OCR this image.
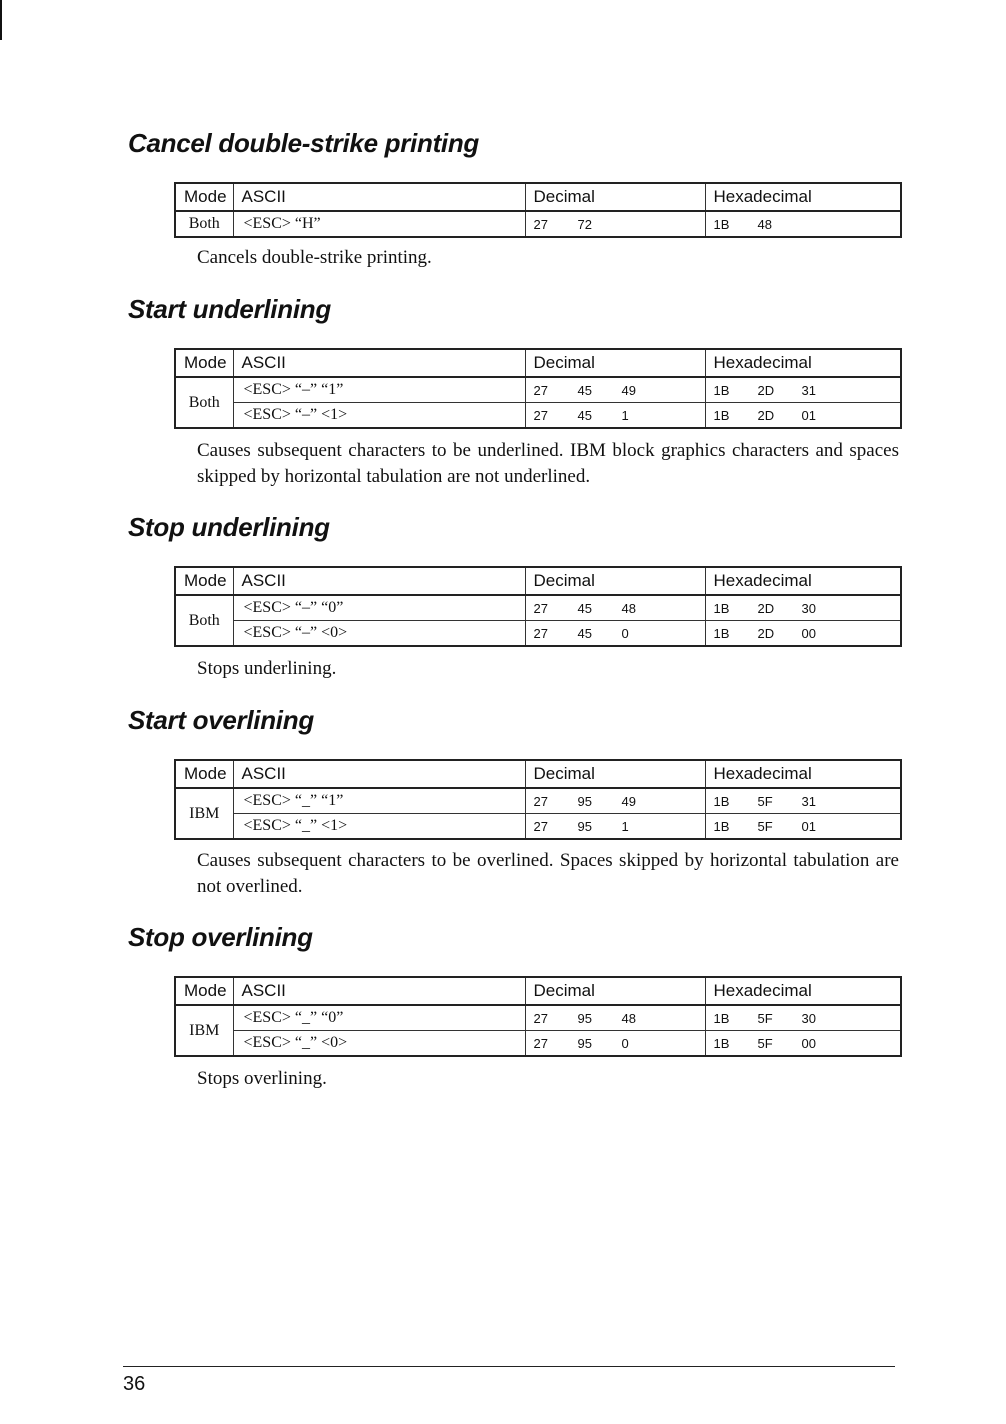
Cancel double-strike printing
Mode	ASCII	Decimal	Hexadecimal
Both	<ESC> “H”	27 72	1B 48

Cancels double-strike printing.

Start underlining
Mode	ASCII	Decimal	Hexadecimal
Both	<ESC> “–” “1”	27 45 49	1B 2D 31
	<ESC> “–” <1>	27 45 1	1B 2D 01

Causes subsequent characters to be underlined. IBM block graphics characters and spaces skipped by horizontal tabulation are not underlined.

Stop underlining
Mode	ASCII	Decimal	Hexadecimal
Both	<ESC> “–” “0”	27 45 48	1B 2D 30
	<ESC> “–” <0>	27 45 0	1B 2D 00

Stops underlining.

Start overlining
Mode	ASCII	Decimal	Hexadecimal
IBM	<ESC> “_” “1”	27 95 49	1B 5F 31
	<ESC> “_” <1>	27 95 1	1B 5F 01

Causes subsequent characters to be overlined. Spaces skipped by horizontal tabulation are not overlined.

Stop overlining
Mode	ASCII	Decimal	Hexadecimal
IBM	<ESC> “_” “0”	27 95 48	1B 5F 30
	<ESC> “_” <0>	27 95 0	1B 5F 00

Stops overlining.

36
